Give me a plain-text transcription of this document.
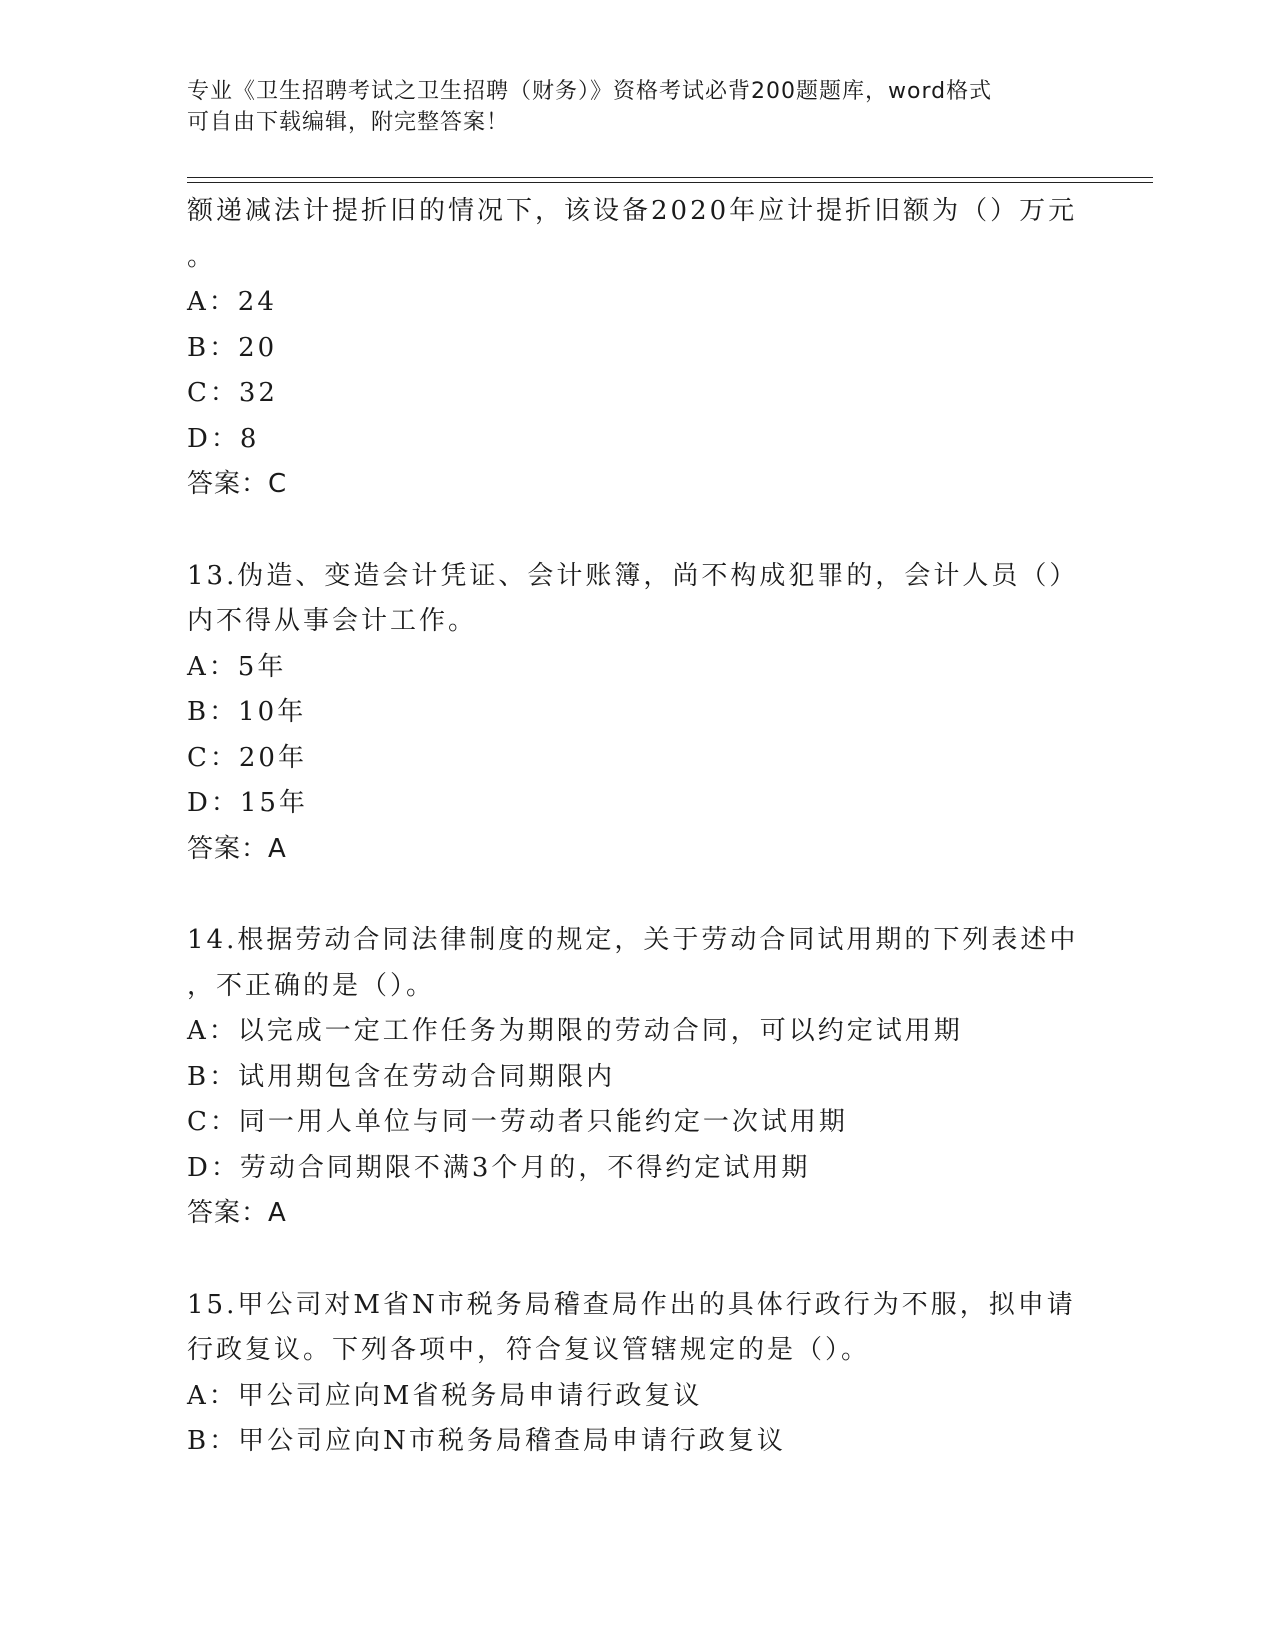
专业《卫生招聘考试之卫生招聘（财务）》资格考试必背200题题库，word格式
可自由下载编辑，附完整答案！
额递减法计提折旧的情况下，该设备2020年应计提折旧额为（）万元
。
A：24
B：20
C：32
D：8
答案：C
13.伪造、变造会计凭证、会计账簿，尚不构成犯罪的，会计人员（）
内不得从事会计工作。
A：5年
B：10年
C：20年
D：15年
答案：A
14.根据劳动合同法律制度的规定，关于劳动合同试用期的下列表述中
，不正确的是（）。
A：以完成一定工作任务为期限的劳动合同，可以约定试用期
B：试用期包含在劳动合同期限内
C：同一用人单位与同一劳动者只能约定一次试用期
D：劳动合同期限不满3个月的，不得约定试用期
答案：A
15.甲公司对M省N市税务局稽查局作出的具体行政行为不服，拟申请
行政复议。下列各项中，符合复议管辖规定的是（）。
A：甲公司应向M省税务局申请行政复议
B：甲公司应向N市税务局稽查局申请行政复议
